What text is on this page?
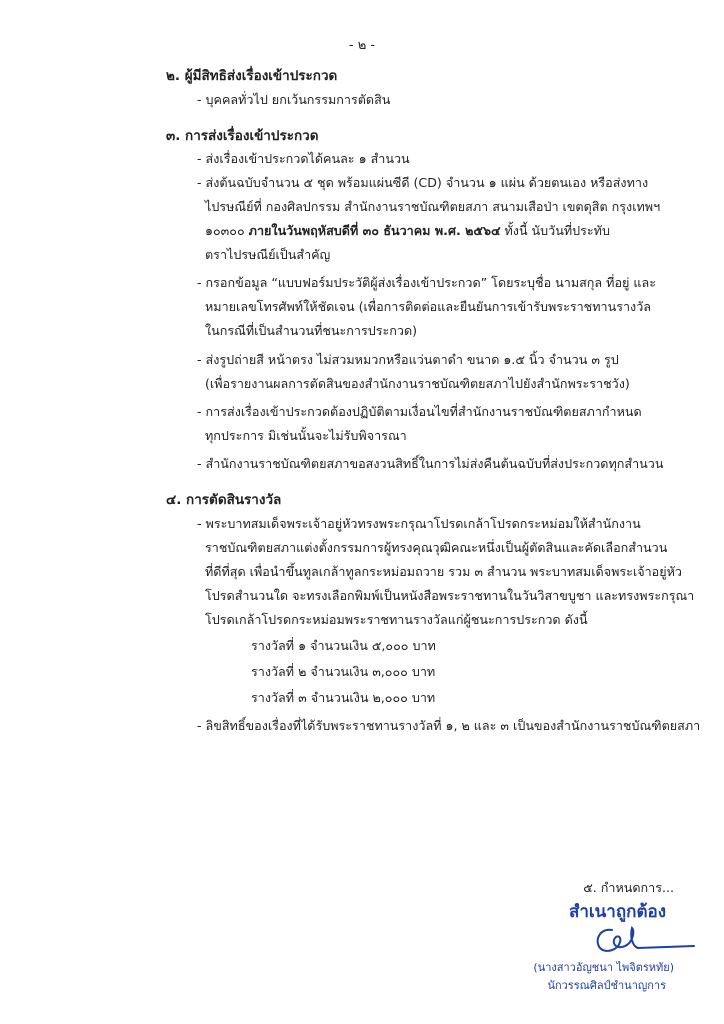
- ๒ -
๒. ผู้มีสิทธิส่งเรื่องเข้าประกวด
- บุคคลทั่วไป ยกเว้นกรรมการตัดสิน
๓. การส่งเรื่องเข้าประกวด
- ส่งเรื่องเข้าประกวดได้คนละ ๑ สำนวน
- ส่งต้นฉบับจำนวน ๕ ชุด พร้อมแผ่นซีดี (CD) จำนวน ๑ แผ่น ด้วยตนเอง หรือส่งทาง
ไปรษณีย์ที่ กองศิลปกรรม สำนักงานราชบัณฑิตยสภา สนามเสือป่า เขตดุสิต กรุงเทพฯ
๑๐๓๐๐ ภายในวันพฤหัสบดีที่ ๓๐ ธันวาคม พ.ศ. ๒๕๖๔ ทั้งนี้ นับวันที่ประทับ
ตราไปรษณีย์เป็นสำคัญ
- กรอกข้อมูล “แบบฟอร์มประวัติผู้ส่งเรื่องเข้าประกวด” โดยระบุชื่อ นามสกุล ที่อยู่ และ
หมายเลขโทรศัพท์ให้ชัดเจน (เพื่อการติดต่อและยืนยันการเข้ารับพระราชทานรางวัล
ในกรณีที่เป็นสำนวนที่ชนะการประกวด)
- ส่งรูปถ่ายสี หน้าตรง ไม่สวมหมวกหรือแว่นตาดำ ขนาด ๑.๕ นิ้ว จำนวน ๓ รูป
(เพื่อรายงานผลการตัดสินของสำนักงานราชบัณฑิตยสภาไปยังสำนักพระราชวัง)
- การส่งเรื่องเข้าประกวดต้องปฏิบัติตามเงื่อนไขที่สำนักงานราชบัณฑิตยสภากำหนด
ทุกประการ มิเช่นนั้นจะไม่รับพิจารณา
- สำนักงานราชบัณฑิตยสภาขอสงวนสิทธิ์ในการไม่ส่งคืนต้นฉบับที่ส่งประกวดทุกสำนวน
๔. การตัดสินรางวัล
- พระบาทสมเด็จพระเจ้าอยู่หัวทรงพระกรุณาโปรดเกล้าโปรดกระหม่อมให้สำนักงาน
ราชบัณฑิตยสภาแต่งตั้งกรรมการผู้ทรงคุณวุฒิคณะหนึ่งเป็นผู้ตัดสินและคัดเลือกสำนวน
ที่ดีที่สุด เพื่อนำขึ้นทูลเกล้าทูลกระหม่อมถวาย รวม ๓ สำนวน พระบาทสมเด็จพระเจ้าอยู่หัว
โปรดสำนวนใด จะทรงเลือกพิมพ์เป็นหนังสือพระราชทานในวันวิสาขบูชา และทรงพระกรุณา
โปรดเกล้าโปรดกระหม่อมพระราชทานรางวัลแก่ผู้ชนะการประกวด ดังนี้
รางวัลที่ ๑ จำนวนเงิน ๕,๐๐๐ บาท
รางวัลที่ ๒ จำนวนเงิน ๓,๐๐๐ บาท
รางวัลที่ ๓ จำนวนเงิน ๒,๐๐๐ บาท
- ลิขสิทธิ์ของเรื่องที่ได้รับพระราชทานรางวัลที่ ๑, ๒ และ ๓ เป็นของสำนักงานราชบัณฑิตยสภา
๕. กำหนดการ...
สำเนาถูกต้อง
(นางสาวอัญชนา ไพจิตรหทัย)
นักวรรณศิลป์ชำนาญการ
